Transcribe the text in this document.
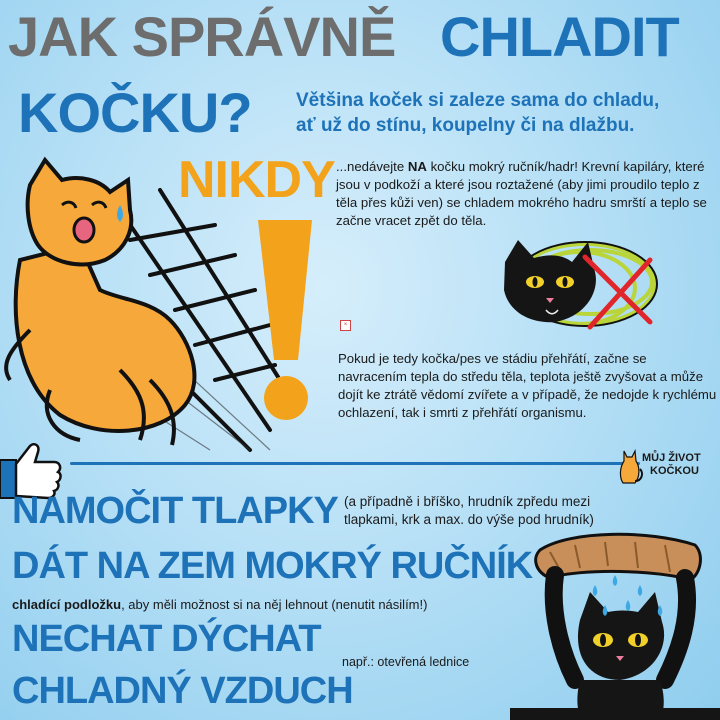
JAK SPRÁVNĚ CHLADIT
KOČKU? Většina koček si zaleze sama do chladu,
ať už do stínu, koupelny či na dlažbu.
NIKDY ...nedávejte NA kočku mokrý ručník/hadr! Krevní kapiláry, které jsou v podkoží a které jsou roztažené (aby jimi proudilo teplo z těla přes kůži ven) se chladem mokrého hadru smrští a teplo se začne vracet zpět do těla.
×
Pokud je tedy kočka/pes ve stádiu přehřátí, začne se navracením tepla do středu těla, teplota ještě zvyšovat a může dojít ke ztrátě vědomí zvířete a v případě, že nedojde k rychlému ochlazení, tak i smrti z přehřátí organismu.
MŮJ ŽIVOT
KOČKOU
NAMOČIT TLAPKY (a případně i bříško, hrudník zpředu mezi tlapkami, krk a max. do výše pod hrudník)
DÁT NA ZEM MOKRÝ RUČNÍK
chladící podložku, aby měli možnost si na něj lehnout (nenutit násilím!)
NECHAT DÝCHAT
CHLADNÝ VZDUCH
např.: otevřená lednice
